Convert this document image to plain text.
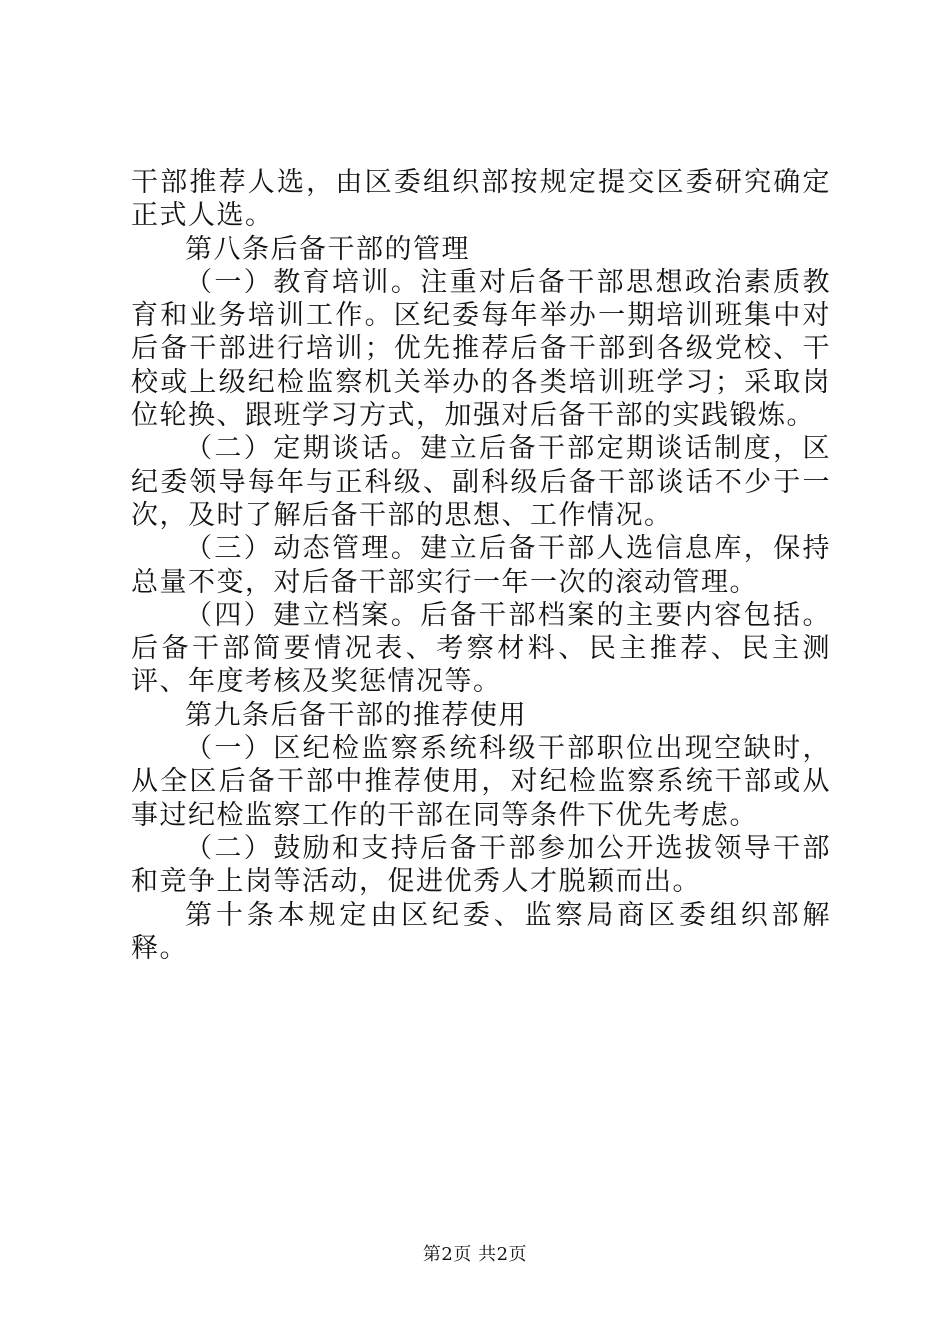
干部推荐人选，由区委组织部按规定提交区委研究确定正式人选。

第八条后备干部的管理

（一）教育培训。注重对后备干部思想政治素质教育和业务培训工作。区纪委每年举办一期培训班集中对后备干部进行培训；优先推荐后备干部到各级党校、干校或上级纪检监察机关举办的各类培训班学习；采取岗位轮换、跟班学习方式，加强对后备干部的实践锻炼。

（二）定期谈话。建立后备干部定期谈话制度，区纪委领导每年与正科级、副科级后备干部谈话不少于一次，及时了解后备干部的思想、工作情况。

（三）动态管理。建立后备干部人选信息库，保持总量不变，对后备干部实行一年一次的滚动管理。

（四）建立档案。后备干部档案的主要内容包括。后备干部简要情况表、考察材料、民主推荐、民主测评、年度考核及奖惩情况等。

第九条后备干部的推荐使用

（一）区纪检监察系统科级干部职位出现空缺时，从全区后备干部中推荐使用，对纪检监察系统干部或从事过纪检监察工作的干部在同等条件下优先考虑。

（二）鼓励和支持后备干部参加公开选拔领导干部和竞争上岗等活动，促进优秀人才脱颖而出。

第十条本规定由区纪委、监察局商区委组织部解释。

第2页 共2页
